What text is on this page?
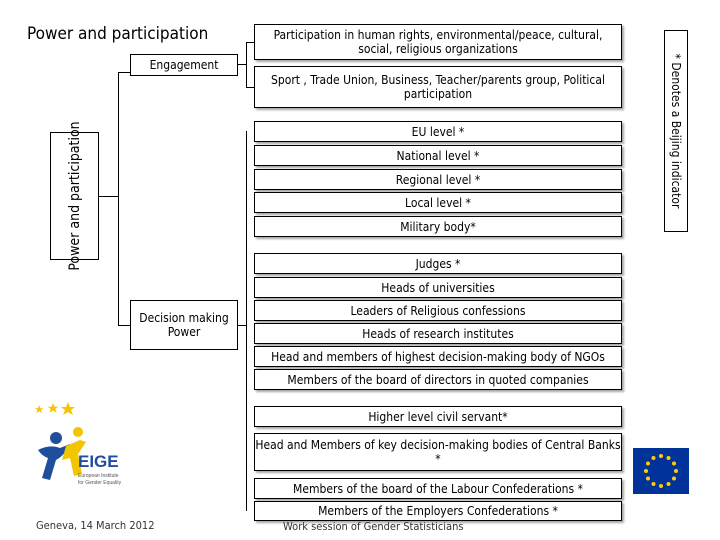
Power and participation
Power and participation	* Denotes a Beijing indicator
Engagement
Decision making Power
Participation in human rights, environmental/peace, cultural, social, religious organizations
Sport , Trade Union, Business, Teacher/parents group, Political participation
EU level *
National level *
Regional level *
Local level *
Military body*
Judges *
Heads of universities
Leaders of Religious confessions
Heads of research institutes
Head and members of highest decision-making body of NGOs
Members of the board of directors in quoted companies
Higher level civil servant*
Head and Members of key decision-making bodies of Central Banks *
Members of the board of the Labour Confederations *
Members of the Employers Confederations *
EIGE
European Institute
for Gender Equality
Geneva, 14 March 2012	Work session of Gender Statisticians
